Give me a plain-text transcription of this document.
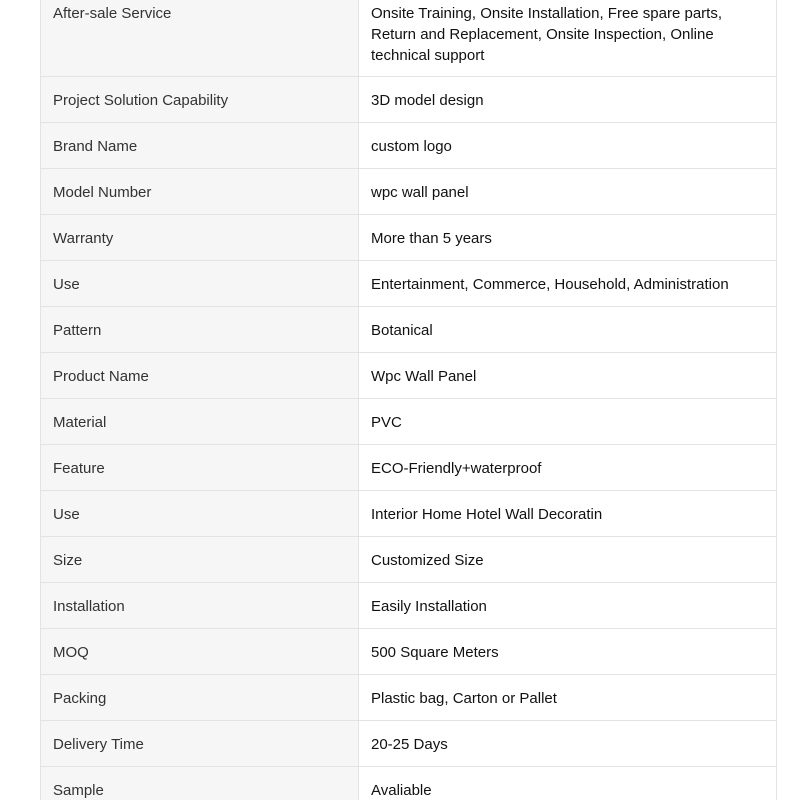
After-sale Service	Onsite Training, Onsite Installation, Free spare parts, Return and Replacement, Onsite Inspection, Online technical support
Project Solution Capability	3D model design
Brand Name	custom logo
Model Number	wpc wall panel
Warranty	More than 5 years
Use	Entertainment, Commerce, Household, Administration
Pattern	Botanical
Product Name	Wpc Wall Panel
Material	PVC
Feature	ECO-Friendly+waterproof
Use	Interior Home Hotel Wall Decoratin
Size	Customized Size
Installation	Easily Installation
MOQ	500 Square Meters
Packing	Plastic bag, Carton or Pallet
Delivery Time	20-25 Days
Sample	Avaliable
